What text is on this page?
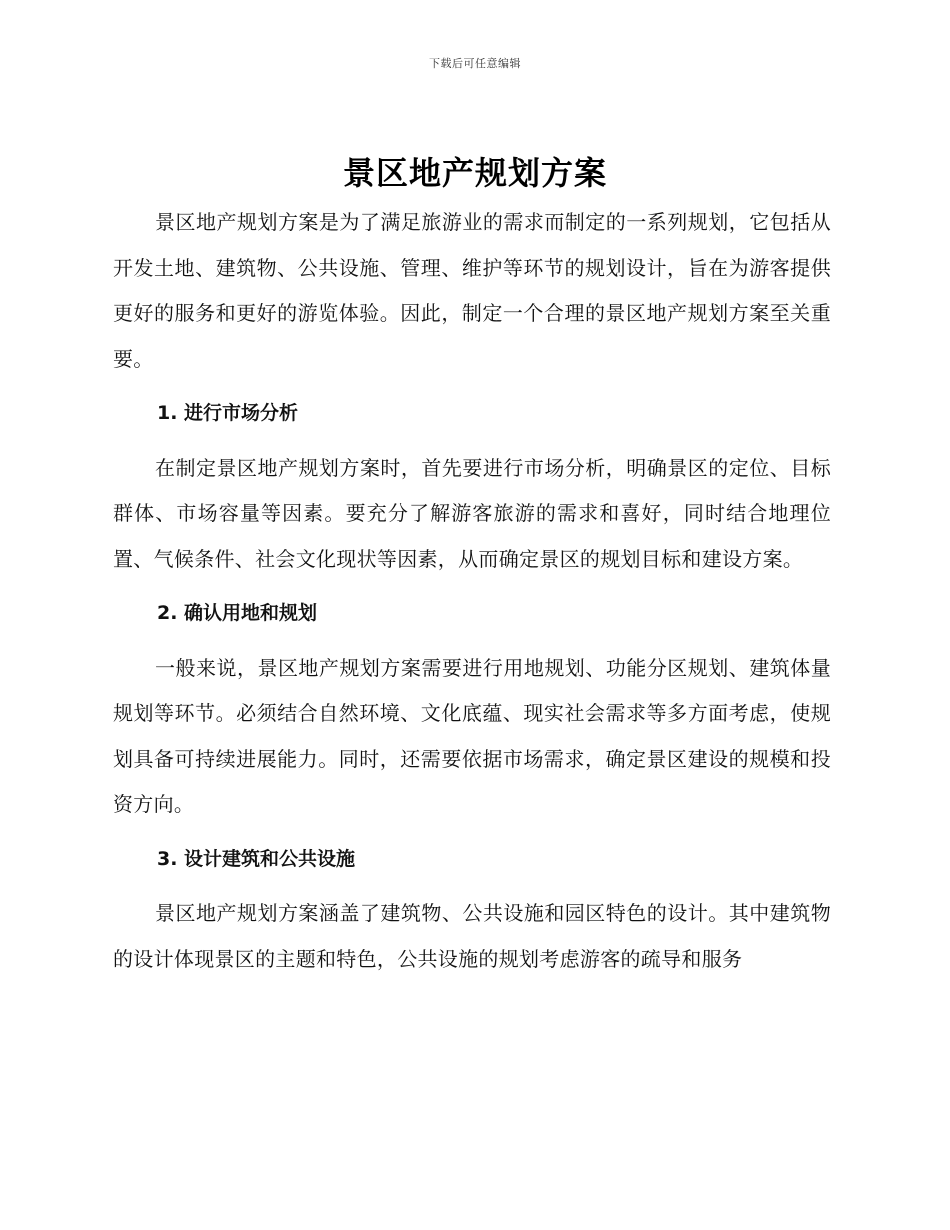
下载后可任意编辑
景区地产规划方案

景区地产规划方案是为了满足旅游业的需求而制定的一系列规划，它包括从开发土地、建筑物、公共设施、管理、维护等环节的规划设计，旨在为游客提供更好的服务和更好的游览体验。因此，制定一个合理的景区地产规划方案至关重要。

1. 进行市场分析

在制定景区地产规划方案时，首先要进行市场分析，明确景区的定位、目标群体、市场容量等因素。要充分了解游客旅游的需求和喜好，同时结合地理位置、气候条件、社会文化现状等因素，从而确定景区的规划目标和建设方案。

2. 确认用地和规划

一般来说，景区地产规划方案需要进行用地规划、功能分区规划、建筑体量规划等环节。必须结合自然环境、文化底蕴、现实社会需求等多方面考虑，使规划具备可持续进展能力。同时，还需要依据市场需求，确定景区建设的规模和投资方向。

3. 设计建筑和公共设施

景区地产规划方案涵盖了建筑物、公共设施和园区特色的设计。其中建筑物的设计体现景区的主题和特色，公共设施的规划考虑游客的疏导和服务
